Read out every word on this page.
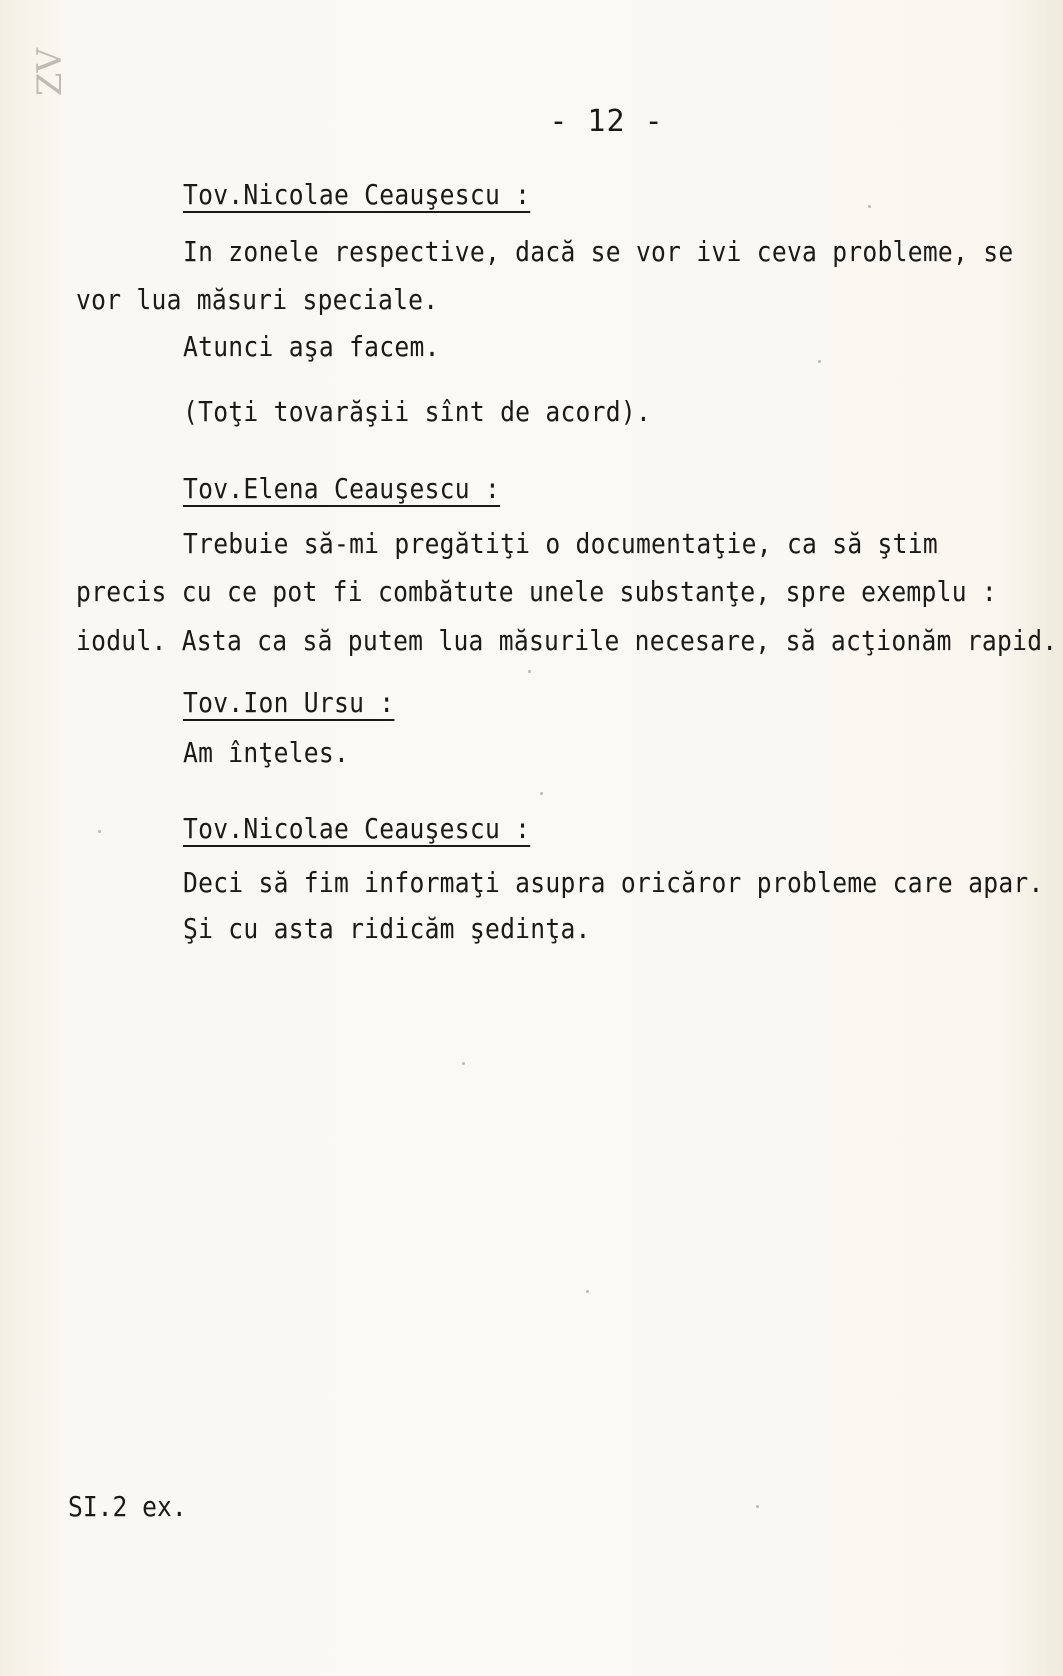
ZV
- 12 -
Tov.Nicolae Ceauşescu :
In zonele respective, dacă se vor ivi ceva probleme, se
vor lua măsuri speciale.
Atunci aşa facem.
(Toţi tovarăşii sînt de acord).
Tov.Elena Ceauşescu :
Trebuie să-mi pregătiţi o documentaţie, ca să ştim
precis cu ce pot fi combătute unele substanţe, spre exemplu :
iodul. Asta ca să putem lua măsurile necesare, să acţionăm rapid.
Tov.Ion Ursu :
Am înţeles.
Tov.Nicolae Ceauşescu :
Deci să fim informaţi asupra oricăror probleme care apar.
Şi cu asta ridicăm şedinţa.
SI.2 ex.
